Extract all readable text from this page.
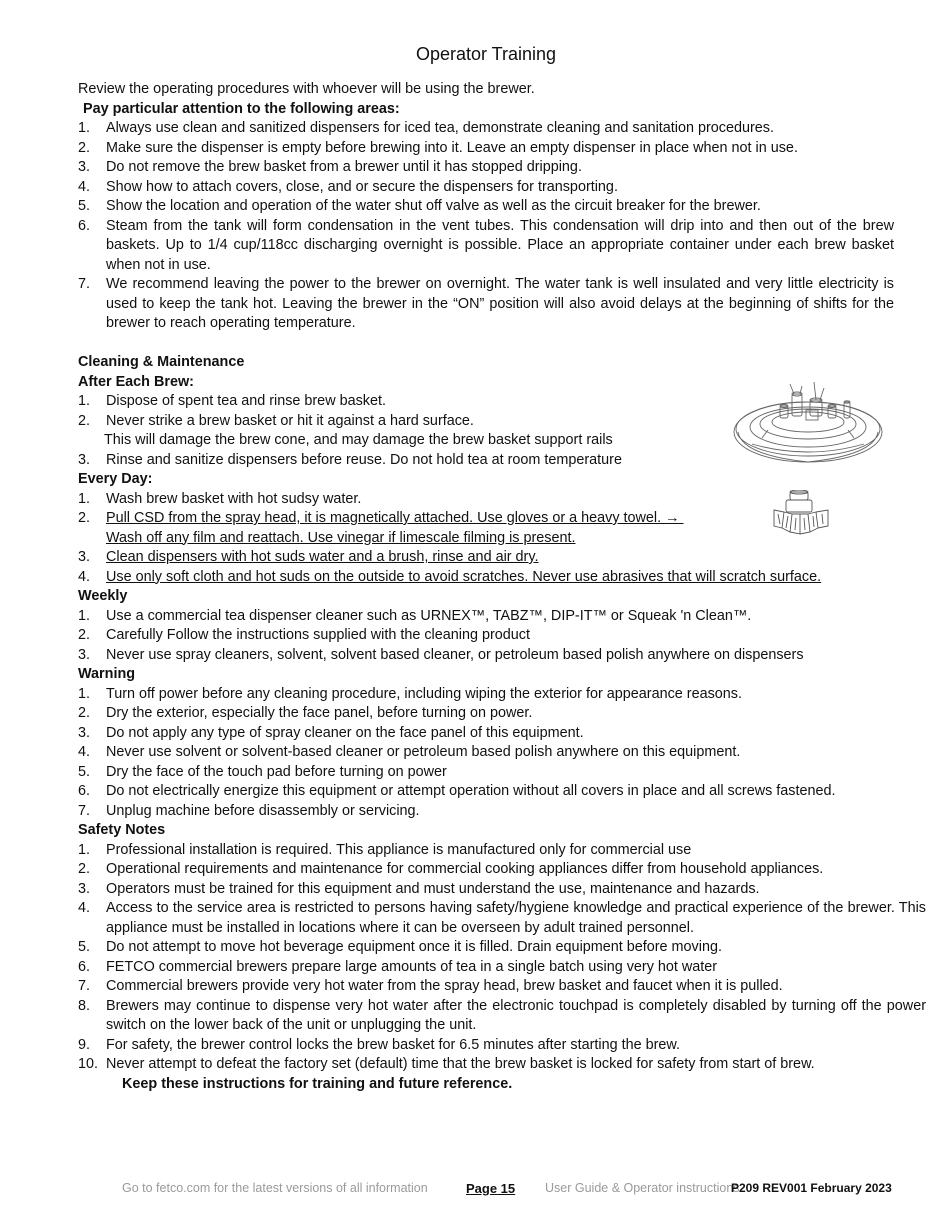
Operator Training

Review the operating procedures with whoever will be using the brewer.

Pay particular attention to the following areas:

1. Always use clean and sanitized dispensers for iced tea, demonstrate cleaning and sanitation procedures.
2. Make sure the dispenser is empty before brewing into it. Leave an empty dispenser in place when not in use.
3. Do not remove the brew basket from a brewer until it has stopped dripping.
4. Show how to attach covers, close, and or secure the dispensers for transporting.
5. Show the location and operation of the water shut off valve as well as the circuit breaker for the brewer.
6. Steam from the tank will form condensation in the vent tubes. This condensation will drip into and then out of the brew baskets. Up to 1/4 cup/118cc discharging overnight is possible. Place an appropriate container under each brew basket when not in use.
7. We recommend leaving the power to the brewer on overnight. The water tank is well insulated and very little electricity is used to keep the tank hot. Leaving the brewer in the “ON” position will also avoid delays at the beginning of shifts for the brewer to reach operating temperature.

Cleaning & Maintenance

After Each Brew:

1. Dispose of spent tea and rinse brew basket.
2. Never strike a brew basket or hit it against a hard surface.

This will damage the brew cone, and may damage the brew basket support rails

3. Rinse and sanitize dispensers before reuse. Do not hold tea at room temperature

Every Day:

1. Wash brew basket with hot sudsy water.
2. Pull CSD from the spray head, it is magnetically attached. Use gloves or a heavy towel. →
Wash off any film and reattach. Use vinegar if limescale filming is present.
3. Clean dispensers with hot suds water and a brush, rinse and air dry.
4. Use only soft cloth and hot suds on the outside to avoid scratches. Never use abrasives that will scratch surface.

Weekly

1. Use a commercial tea dispenser cleaner such as URNEX™, TABZ™, DIP-IT™ or Squeak 'n Clean™.
2. Carefully Follow the instructions supplied with the cleaning product
3. Never use spray cleaners, solvent, solvent based cleaner, or petroleum based polish anywhere on dispensers

Warning

1. Turn off power before any cleaning procedure, including wiping the exterior for appearance reasons.
2. Dry the exterior, especially the face panel, before turning on power.
3. Do not apply any type of spray cleaner on the face panel of this equipment.
4. Never use solvent or solvent-based cleaner or petroleum based polish anywhere on this equipment.
5. Dry the face of the touch pad before turning on power
6. Do not electrically energize this equipment or attempt operation without all covers in place and all screws fastened.
7. Unplug machine before disassembly or servicing.

Safety Notes

1. Professional installation is required. This appliance is manufactured only for commercial use
2. Operational requirements and maintenance for commercial cooking appliances differ from household appliances.
3. Operators must be trained for this equipment and must understand the use, maintenance and hazards.
4. Access to the service area is restricted to persons having safety/hygiene knowledge and practical experience of the brewer. This appliance must be installed in locations where it can be overseen by adult trained personnel.
5. Do not attempt to move hot beverage equipment once it is filled. Drain equipment before moving.
6. FETCO commercial brewers prepare large amounts of tea in a single batch using very hot water
7. Commercial brewers provide very hot water from the spray head, brew basket and faucet when it is pulled.
8. Brewers may continue to dispense very hot water after the electronic touchpad is completely disabled by turning off the power switch on the lower back of the unit or unplugging the unit.
9. For safety, the brewer control locks the brew basket for 6.5 minutes after starting the brew.
10. Never attempt to defeat the factory set (default) time that the brew basket is locked for safety from start of brew.

Keep these instructions for training and future reference.

Go to fetco.com for the latest versions of all information	Page 15 User Guide & Operator instructions
P209 REV001 February 2023
